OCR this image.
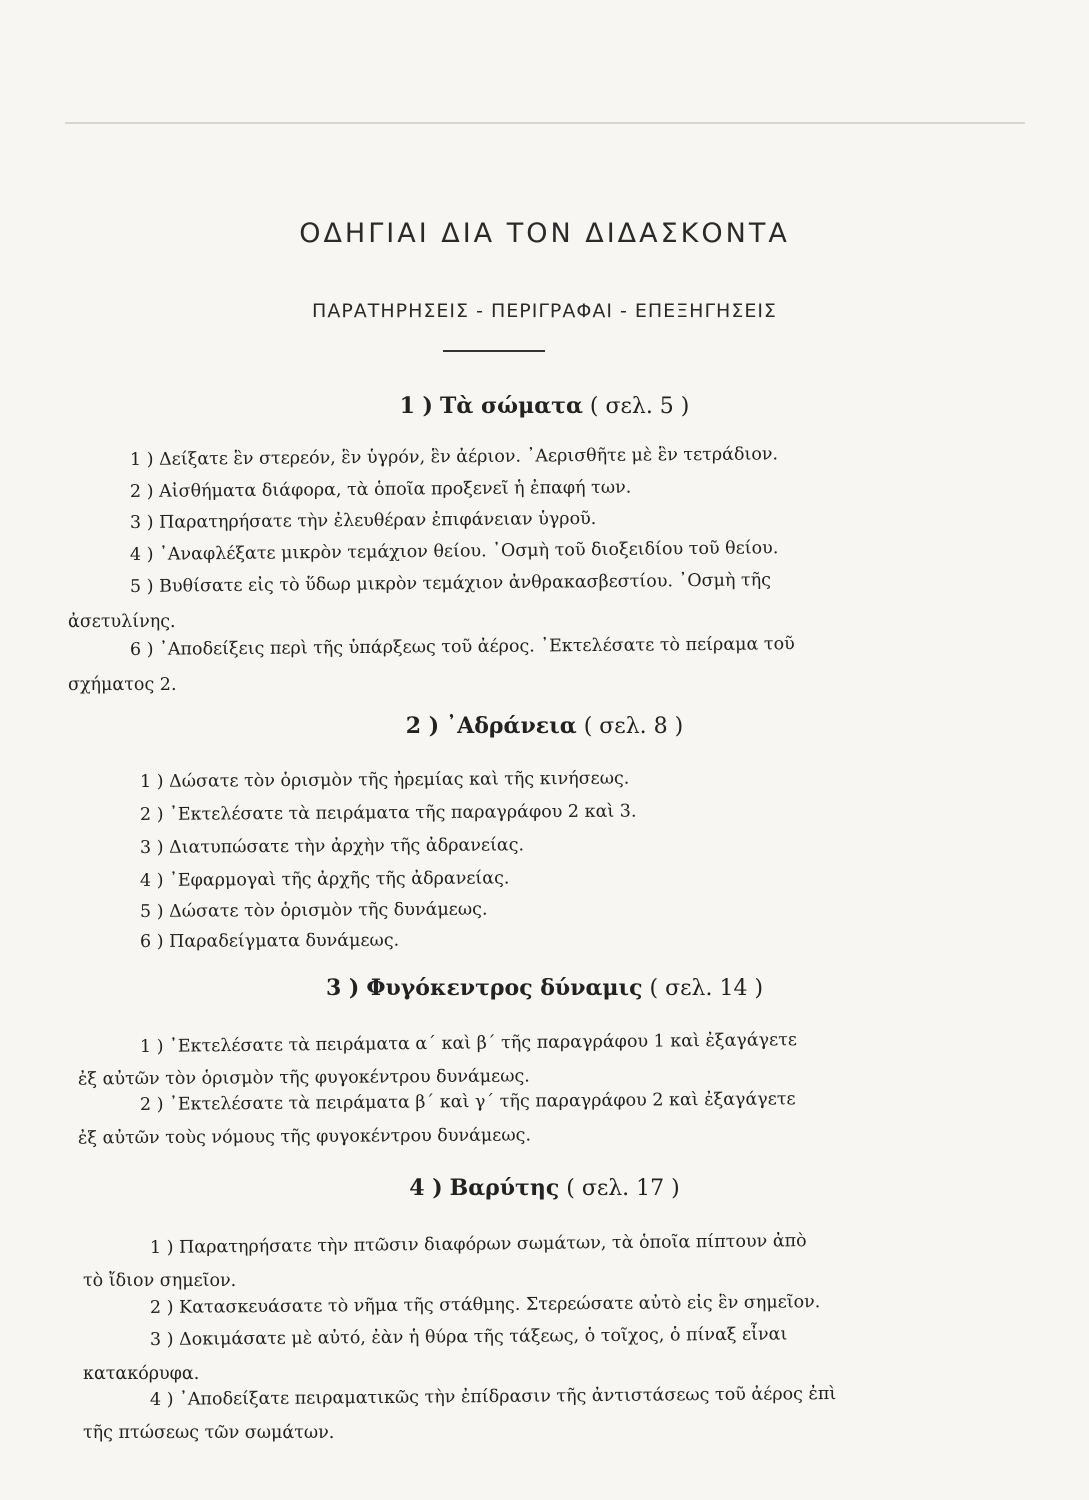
ΟΔΗΓΙΑΙ ΔΙΑ ΤΟΝ ΔΙΔΑΣΚΟΝΤΑ
ΠΑΡΑΤΗΡΗΣΕΙΣ - ΠΕΡΙΓΡΑΦΑΙ - ΕΠΕΞΗΓΗΣΕΙΣ
1 ) Τὰ σώματα ( σελ. 5 )
1 ) Δείξατε ἓν στερεόν, ἓν ὑγρόν, ἓν ἀέριον. ᾿Αερισθῆτε μὲ ἓν τετράδιον.
2 ) Αἰσθήματα διάφορα, τὰ ὁποῖα προξενεῖ ἡ ἐπαφή των.
3 ) Παρατηρήσατε τὴν ἐλευθέραν ἐπιφάνειαν ὑγροῦ.
4 ) ᾿Αναφλέξατε μικρὸν τεμάχιον θείου. ᾿Οσμὴ τοῦ διοξειδίου τοῦ θείου.
5 ) Βυθίσατε εἰς τὸ ὕδωρ μικρὸν τεμάχιον ἀνθρακασβεστίου. ᾿Οσμὴ τῆς
ἀσετυλίνης.
6 ) ᾿Αποδείξεις περὶ τῆς ὑπάρξεως τοῦ ἀέρος. ᾿Εκτελέσατε τὸ πείραμα τοῦ
σχήματος 2.
2 ) ᾿Αδράνεια ( σελ. 8 )
1 ) Δώσατε τὸν ὁρισμὸν τῆς ἠρεμίας καὶ τῆς κινήσεως.
2 ) ᾿Εκτελέσατε τὰ πειράματα τῆς παραγράφου 2 καὶ 3.
3 ) Διατυπώσατε τὴν ἀρχὴν τῆς ἀδρανείας.
4 ) ᾿Εφαρμογαὶ τῆς ἀρχῆς τῆς ἀδρανείας.
5 ) Δώσατε τὸν ὁρισμὸν τῆς δυνάμεως.
6 ) Παραδείγματα δυνάμεως.
3 ) Φυγόκεντρος δύναμις ( σελ. 14 )
1 ) ᾿Εκτελέσατε τὰ πειράματα α΄ καὶ β΄ τῆς παραγράφου 1 καὶ ἐξαγάγετε
ἐξ αὐτῶν τὸν ὁρισμὸν τῆς φυγοκέντρου δυνάμεως.
2 ) ᾿Εκτελέσατε τὰ πειράματα β΄ καὶ γ΄ τῆς παραγράφου 2 καὶ ἐξαγάγετε
ἐξ αὐτῶν τοὺς νόμους τῆς φυγοκέντρου δυνάμεως.
4 ) Βαρύτης ( σελ. 17 )
1 ) Παρατηρήσατε τὴν πτῶσιν διαφόρων σωμάτων, τὰ ὁποῖα πίπτουν ἀπὸ
τὸ ἴδιον σημεῖον.
2 ) Κατασκευάσατε τὸ νῆμα τῆς στάθμης. Στερεώσατε αὐτὸ εἰς ἓν σημεῖον.
3 ) Δοκιμάσατε μὲ αὐτό, ἐὰν ἡ θύρα τῆς τάξεως, ὁ τοῖχος, ὁ πίναξ εἶναι
κατακόρυφα.
4 ) ᾿Αποδείξατε πειραματικῶς τὴν ἐπίδρασιν τῆς ἀντιστάσεως τοῦ ἀέρος ἐπὶ
τῆς πτώσεως τῶν σωμάτων.
